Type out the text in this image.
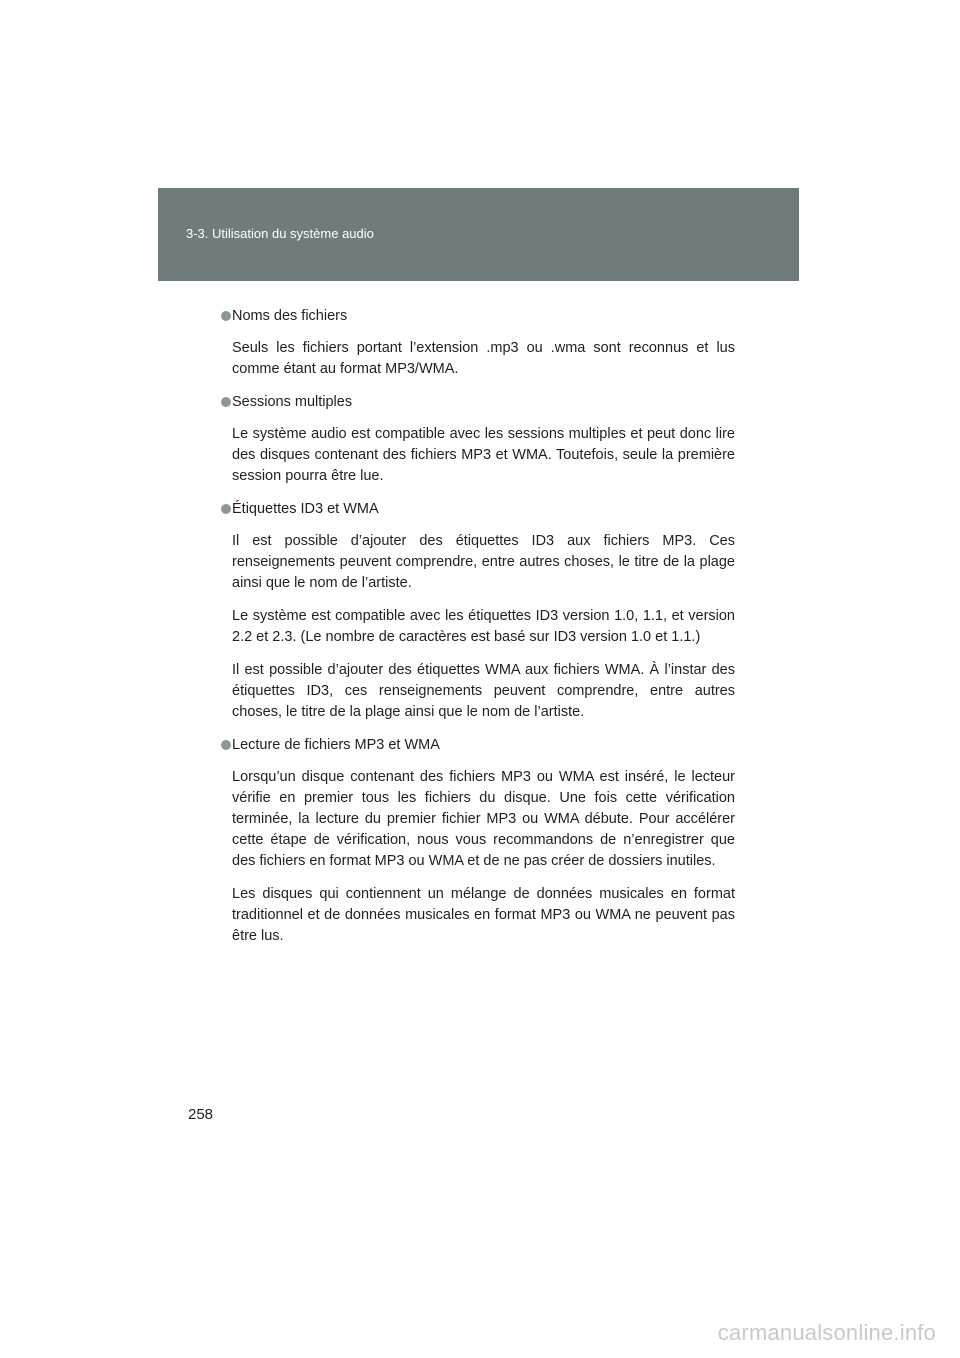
3-3. Utilisation du système audio
Noms des fichiers

Seuls les fichiers portant l’extension .mp3 ou .wma sont reconnus et lus comme étant au format MP3/WMA.

Sessions multiples

Le système audio est compatible avec les sessions multiples et peut donc lire des disques contenant des fichiers MP3 et WMA. Toutefois, seule la première session pourra être lue.

Étiquettes ID3 et WMA

Il est possible d’ajouter des étiquettes ID3 aux fichiers MP3. Ces renseignements peuvent comprendre, entre autres choses, le titre de la plage ainsi que le nom de l’artiste.

Le système est compatible avec les étiquettes ID3 version 1.0, 1.1, et version 2.2 et 2.3. (Le nombre de caractères est basé sur ID3 version 1.0 et 1.1.)

Il est possible d’ajouter des étiquettes WMA aux fichiers WMA. À l’instar des étiquettes ID3, ces renseignements peuvent comprendre, entre autres choses, le titre de la plage ainsi que le nom de l’artiste.

Lecture de fichiers MP3 et WMA

Lorsqu’un disque contenant des fichiers MP3 ou WMA est inséré, le lecteur vérifie en premier tous les fichiers du disque. Une fois cette vérification terminée, la lecture du premier fichier MP3 ou WMA débute. Pour accélérer cette étape de vérification, nous vous recommandons de n’enregistrer que des fichiers en format MP3 ou WMA et de ne pas créer de dossiers inutiles.

Les disques qui contiennent un mélange de données musicales en format traditionnel et de données musicales en format MP3 ou WMA ne peuvent pas être lus.

258
carmanualsonline.info
